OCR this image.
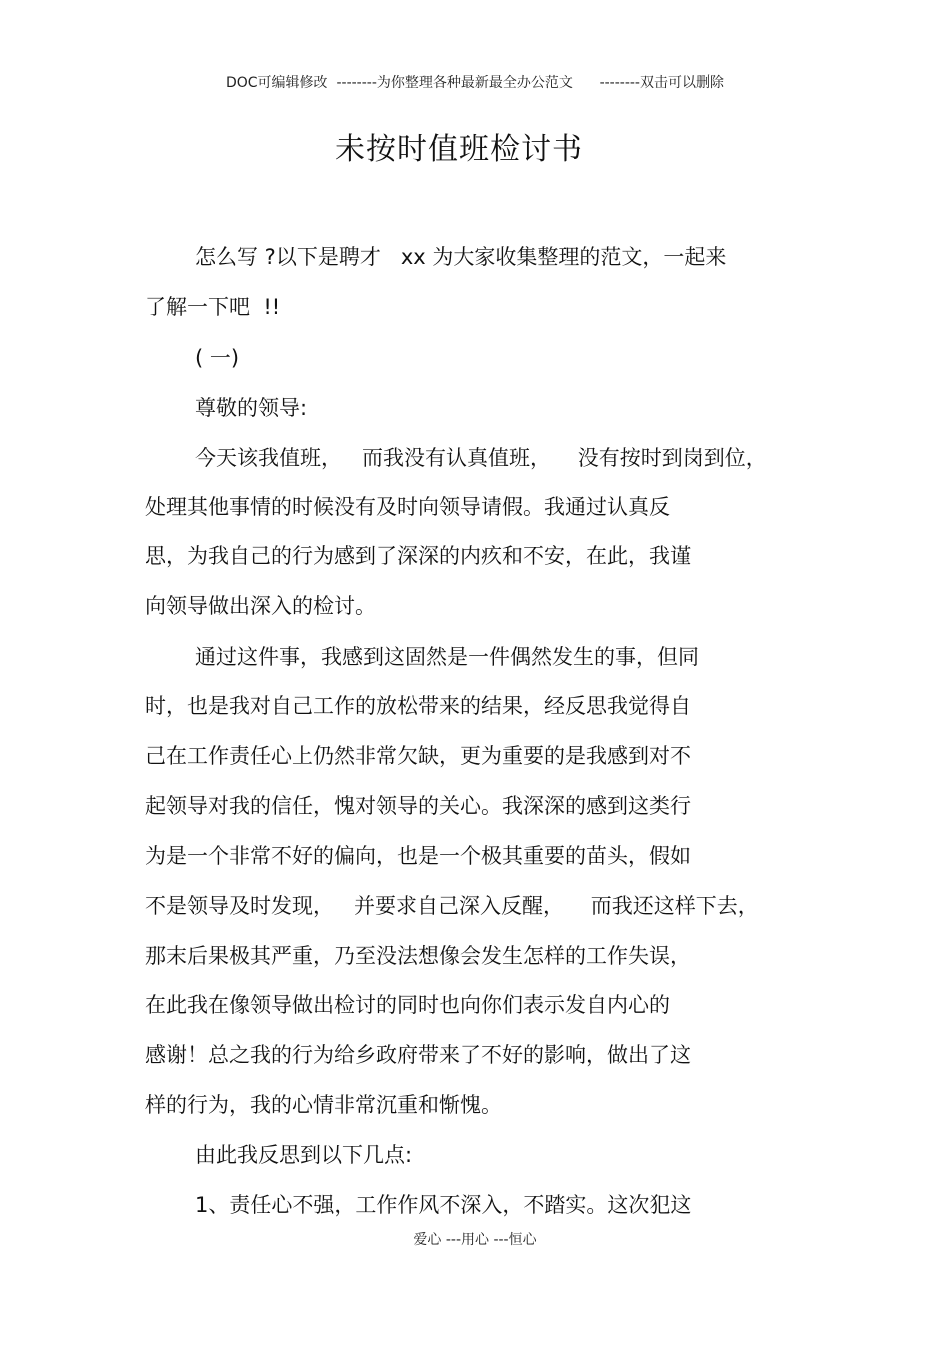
DOC可编辑修改  --------为你整理各种最新最全办公范文      --------双击可以删除
未按时值班检讨书
怎么写 ?以下是聘才   xx 为大家收集整理的范文，一起来
了解一下吧  !!
( 一)
尊敬的领导:
今天该我值班，   而我没有认真值班，    没有按时到岗到位，
处理其他事情的时候没有及时向领导请假。我通过认真反
思，为我自己的行为感到了深深的内疚和不安，在此，我谨
向领导做出深入的检讨。
通过这件事，我感到这固然是一件偶然发生的事，但同
时，也是我对自己工作的放松带来的结果，经反思我觉得自
己在工作责任心上仍然非常欠缺，更为重要的是我感到对不
起领导对我的信任，愧对领导的关心。我深深的感到这类行
为是一个非常不好的偏向，也是一个极其重要的苗头，假如
不是领导及时发现，   并要求自己深入反醒，    而我还这样下去，
那末后果极其严重，乃至没法想像会发生怎样的工作失误，
在此我在像领导做出检讨的同时也向你们表示发自内心的
感谢！总之我的行为给乡政府带来了不好的影响，做出了这
样的行为，我的心情非常沉重和惭愧。
由此我反思到以下几点:
1、责任心不强，工作作风不深入，不踏实。这次犯这
爱心 ---用心 ---恒心
